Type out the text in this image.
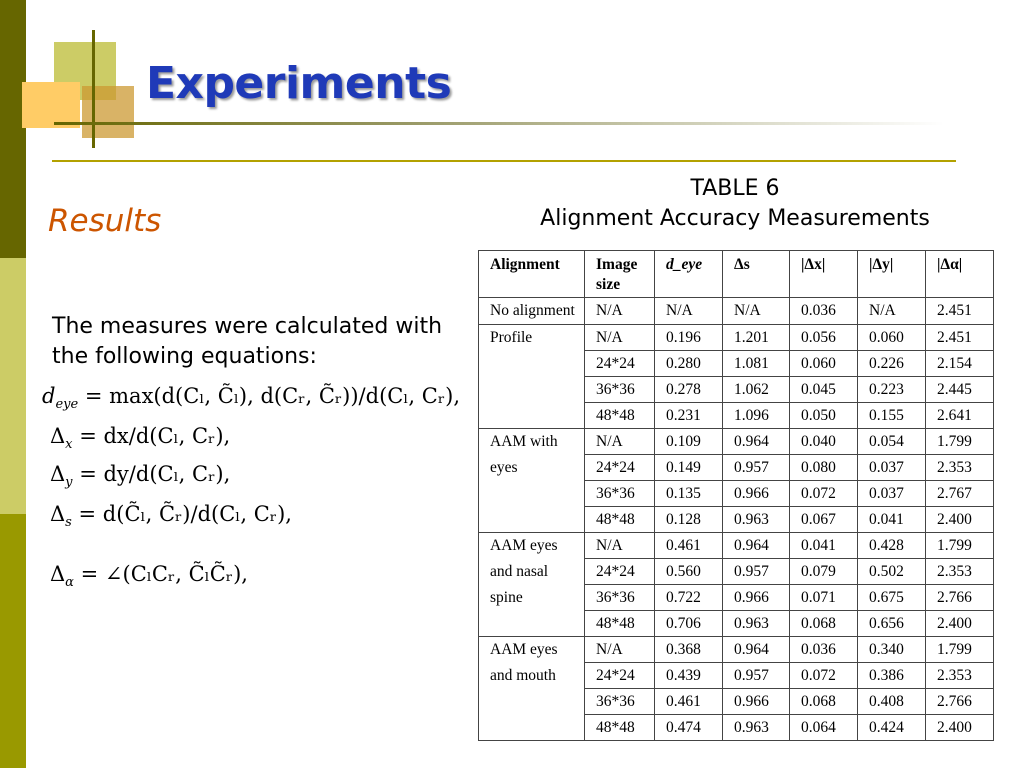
Experiments
Results
The measures were calculated with the following equations:
$d_{eye} = \max(d(C_l$, C̃ₗ), d(Cᵣ, C̃ᵣ))/d(Cₗ, Cᵣ),
$\Delta_x = dx/d(C_l$, Cᵣ),
$\Delta_y = dy/d(C_l$, Cᵣ),
$\Delta_s$ = d(C̃ₗ, C̃ᵣ)/d(Cₗ, Cᵣ),
$\Delta_\alpha$ = ∠(CₗCᵣ, C̃ₗC̃ᵣ),
TABLE 6
Alignment Accuracy Measurements
Alignment	Image size	d_eye	Δs	|Δx|	|Δy|	|Δα|
No alignment	N/A	N/A	N/A	0.036	N/A	2.451
Profile	N/A	0.196	1.201	0.056	0.060	2.451
	24*24	0.280	1.081	0.060	0.226	2.154
	36*36	0.278	1.062	0.045	0.223	2.445
	48*48	0.231	1.096	0.050	0.155	2.641
AAM with eyes	N/A	0.109	0.964	0.040	0.054	1.799
	24*24	0.149	0.957	0.080	0.037	2.353
	36*36	0.135	0.966	0.072	0.037	2.767
	48*48	0.128	0.963	0.067	0.041	2.400
AAM eyes and nasal spine	N/A	0.461	0.964	0.041	0.428	1.799
	24*24	0.560	0.957	0.079	0.502	2.353
	36*36	0.722	0.966	0.071	0.675	2.766
	48*48	0.706	0.963	0.068	0.656	2.400
AAM eyes and mouth	N/A	0.368	0.964	0.036	0.340	1.799
	24*24	0.439	0.957	0.072	0.386	2.353
	36*36	0.461	0.966	0.068	0.408	2.766
	48*48	0.474	0.963	0.064	0.424	2.400
